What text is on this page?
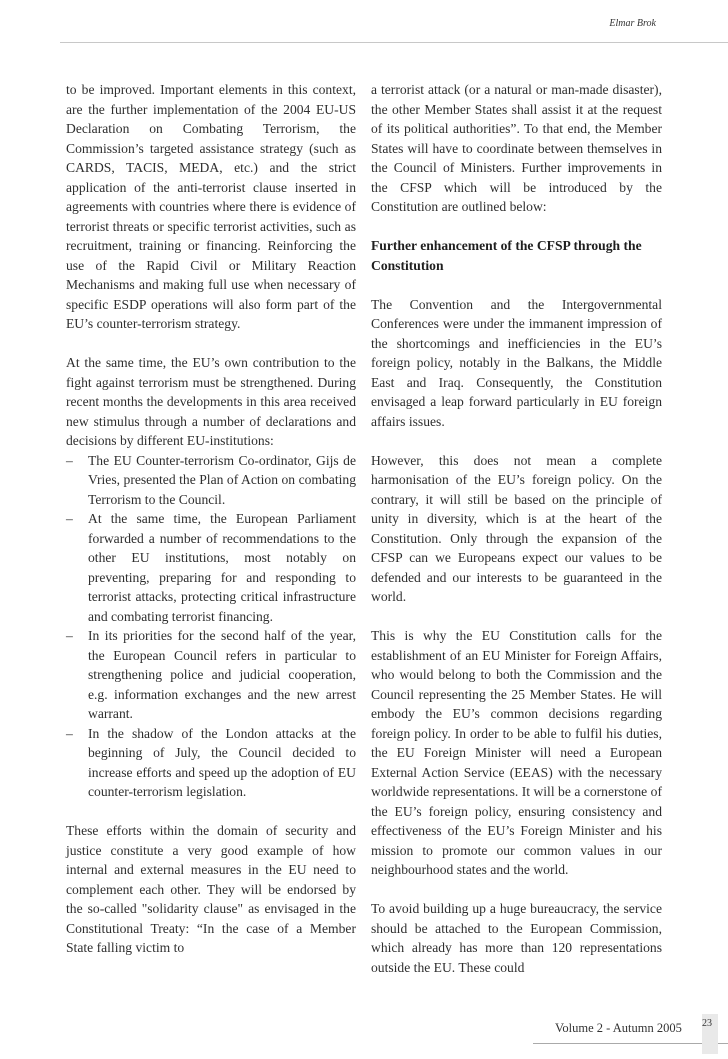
Elmar Brok

to be improved. Important elements in this context, are the further implementation of the 2004 EU-US Declaration on Combating Terrorism, the Commission’s targeted assistance strategy (such as CARDS, TACIS, MEDA, etc.) and the strict application of the anti-terrorist clause inserted in agreements with countries where there is evidence of terrorist threats or specific terrorist activities, such as recruitment, training or financing. Reinforcing the use of the Rapid Civil or Military Reaction Mechanisms and making full use when necessary of specific ESDP operations will also form part of the EU’s counter-terrorism strategy.

At the same time, the EU’s own contribution to the fight against terrorism must be strengthened. During recent months the developments in this area received new stimulus through a number of declarations and decisions by different EU-institutions:

– The EU Counter-terrorism Co-ordinator, Gijs de Vries, presented the Plan of Action on combating Terrorism to the Council.
– At the same time, the European Parliament forwarded a number of recommendations to the other EU institutions, most notably on preventing, preparing for and responding to terrorist attacks, protecting critical infrastructure and combating terrorist financing.
– In its priorities for the second half of the year, the European Council refers in particular to strengthening police and judicial cooperation, e.g. information exchanges and the new arrest warrant.
– In the shadow of the London attacks at the beginning of July, the Council decided to increase efforts and speed up the adoption of EU counter-terrorism legislation.

These efforts within the domain of security and justice constitute a very good example of how internal and external measures in the EU need to complement each other. They will be endorsed by the so-called "solidarity clause" as envisaged in the Constitutional Treaty: “In the case of a Member State falling victim to

a terrorist attack (or a natural or man-made disaster), the other Member States shall assist it at the request of its political authorities”. To that end, the Member States will have to coordinate between themselves in the Council of Ministers. Further improvements in the CFSP which will be introduced by the Constitution are outlined below:

Further enhancement of the CFSP through the Constitution

The Convention and the Intergovernmental Conferences were under the immanent impression of the shortcomings and inefficiencies in the EU’s foreign policy, notably in the Balkans, the Middle East and Iraq. Consequently, the Constitution envisaged a leap forward particularly in EU foreign affairs issues.

However, this does not mean a complete harmonisation of the EU’s foreign policy. On the contrary, it will still be based on the principle of unity in diversity, which is at the heart of the Constitution. Only through the expansion of the CFSP can we Europeans expect our values to be defended and our interests to be guaranteed in the world.

This is why the EU Constitution calls for the establishment of an EU Minister for Foreign Affairs, who would belong to both the Commission and the Council representing the 25 Member States. He will embody the EU’s common decisions regarding foreign policy. In order to be able to fulfil his duties, the EU Foreign Minister will need a European External Action Service (EEAS) with the necessary worldwide representations. It will be a cornerstone of the EU’s foreign policy, ensuring consistency and effectiveness of the EU’s Foreign Minister and his mission to promote our common values in our neighbourhood states and the world.

To avoid building up a huge bureaucracy, the service should be attached to the European Commission, which already has more than 120 representations outside the EU. These could

Volume 2 - Autumn 2005 23
